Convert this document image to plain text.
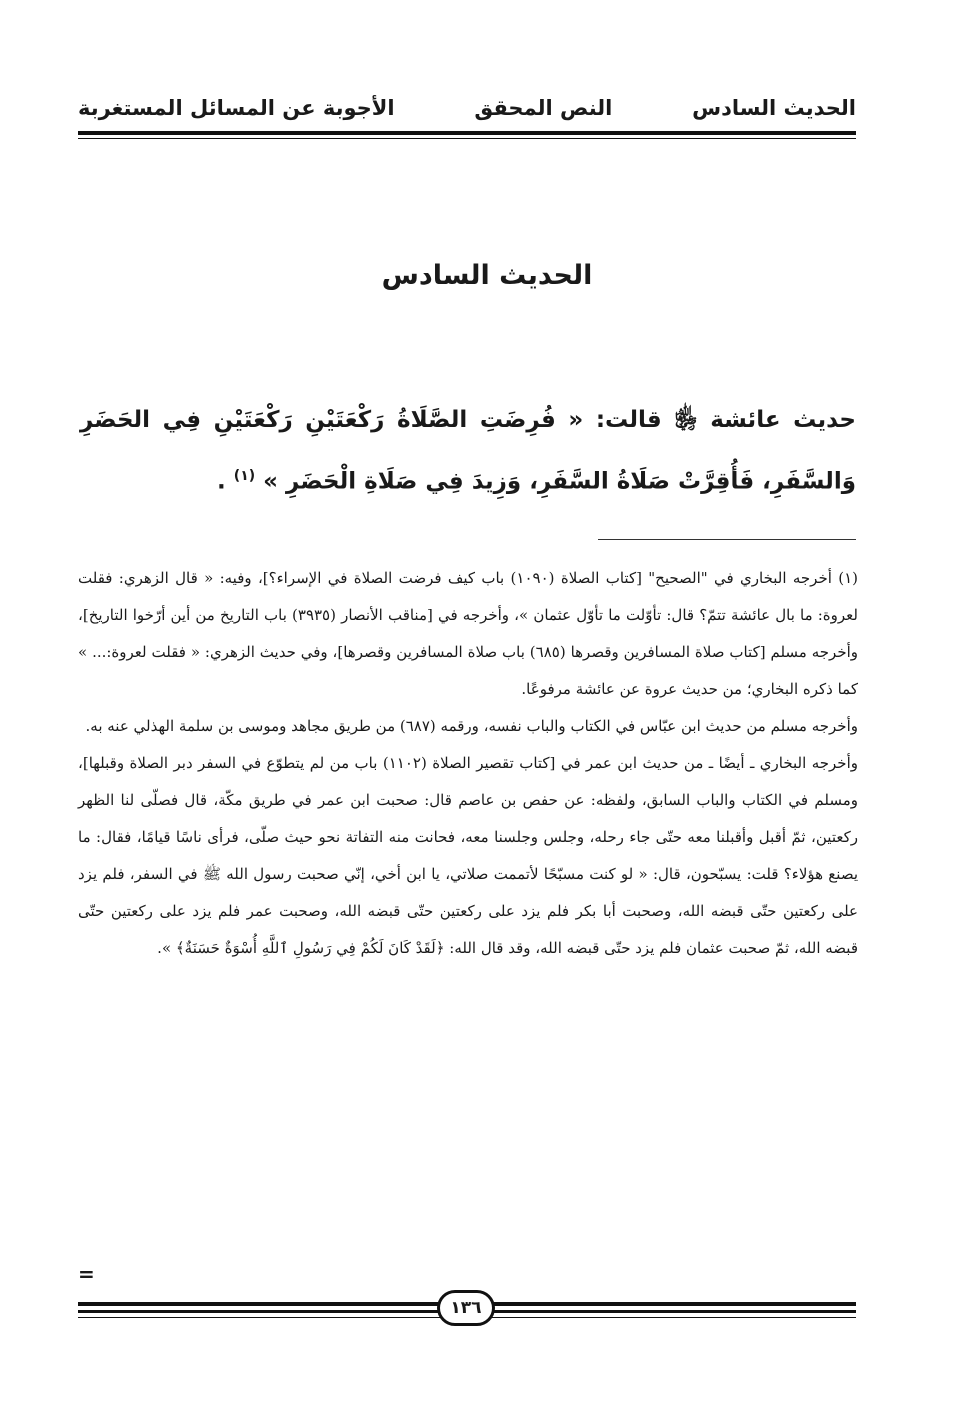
الحديث السادس
النص المحقق
الأجوبة عن المسائل المستغربة
الحديث السادس
حديث عائشة ﵂ قالت: « فُرِضَتِ الصَّلَاةُ رَكْعَتَيْنِ رَكْعَتَيْنِ فِي الحَضَرِ وَالسَّفَرِ، فَأُقِرَّتْ صَلَاةُ السَّفَرِ، وَزِيدَ فِي صَلَاةِ الْحَضَرِ » $^{(١)}$ .

(١) أخرجه البخاري في "الصحيح" [كتاب الصلاة (١٠٩٠) باب كيف فرضت الصلاة في الإسراء؟]، وفيه: « قال الزهري: فقلت لعروة: ما بال عائشة تتمّ؟ قال: تأوّلت ما تأوّل عثمان »، وأخرجه في [مناقب الأنصار (٣٩٣٥) باب التاريخ من أين أرّخوا التاريخ]، وأخرجه مسلم [كتاب صلاة المسافرين وقصرها (٦٨٥) باب صلاة المسافرين وقصرها]، وفي حديث الزهري: « فقلت لعروة:... » كما ذكره البخاري؛ من حديث عروة عن عائشة مرفوعًا.

وأخرجه مسلم من حديث ابن عبّاس في الكتاب والباب نفسه، ورقمه (٦٨٧) من طريق مجاهد وموسى بن سلمة الهذلي عنه به.

وأخرجه البخاري ـ أيضًا ـ من حديث ابن عمر في [كتاب تقصير الصلاة (١١٠٢) باب من لم يتطوّع في السفر دبر الصلاة وقبلها]، ومسلم في الكتاب والباب السابق، ولفظه: عن حفص بن عاصم قال: صحبت ابن عمر في طريق مكّة، قال فصلّى لنا الظهر ركعتين، ثمّ أقبل وأقبلنا معه حتّى جاء رحله، وجلس وجلسنا معه، فحانت منه التفاتة نحو حيث صلّى، فرأى ناسًا قيامًا، فقال: ما يصنع هؤلاء؟ قلت: يسبّحون، قال: « لو كنت مسبّحًا لأتممت صلاتي، يا ابن أخي، إنّي صحبت رسول الله ﷺ في السفر، فلم يزد على ركعتين حتّى قبضه الله، وصحبت أبا بكر فلم يزد على ركعتين حتّى قبضه الله، وصحبت عمر فلم يزد على ركعتين حتّى قبضه الله، ثمّ صحبت عثمان فلم يزد حتّى قبضه الله، وقد قال الله: ﴿لَقَدْ كَانَ لَكُمْ فِي رَسُولِ ٱللَّهِ أُسْوَةٌ حَسَنَةٌ﴾ ».

=
١٣٦
